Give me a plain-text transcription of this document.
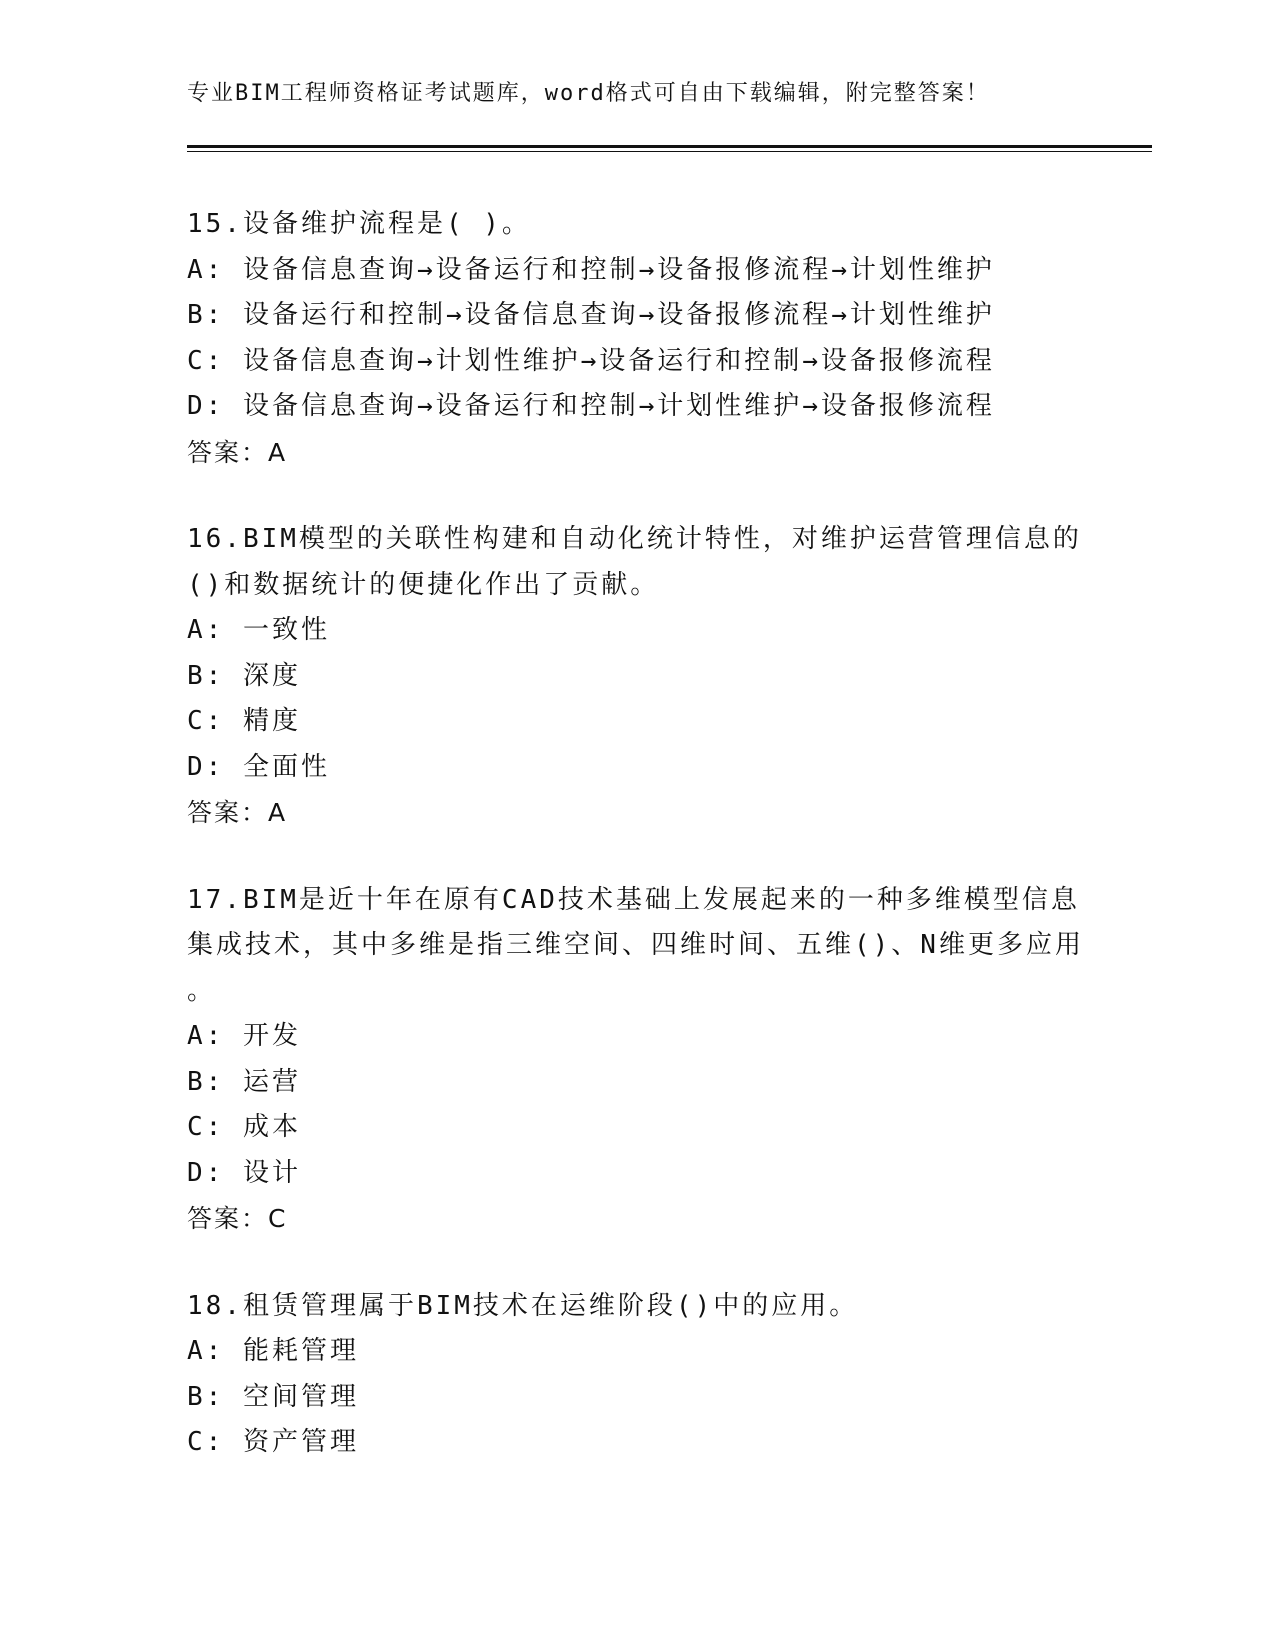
专业BIM工程师资格证考试题库，word格式可自由下载编辑，附完整答案！
15.设备维护流程是( )。
A: 设备信息查询→设备运行和控制→设备报修流程→计划性维护
B: 设备运行和控制→设备信息查询→设备报修流程→计划性维护
C: 设备信息查询→计划性维护→设备运行和控制→设备报修流程
D: 设备信息查询→设备运行和控制→计划性维护→设备报修流程
答案：A
16.BIM模型的关联性构建和自动化统计特性，对维护运营管理信息的
()和数据统计的便捷化作出了贡献。
A: 一致性
B: 深度
C: 精度
D: 全面性
答案：A
17.BIM是近十年在原有CAD技术基础上发展起来的一种多维模型信息
集成技术，其中多维是指三维空间、四维时间、五维()、N维更多应用
。
A: 开发
B: 运营
C: 成本
D: 设计
答案：C
18.租赁管理属于BIM技术在运维阶段()中的应用。
A: 能耗管理
B: 空间管理
C: 资产管理
